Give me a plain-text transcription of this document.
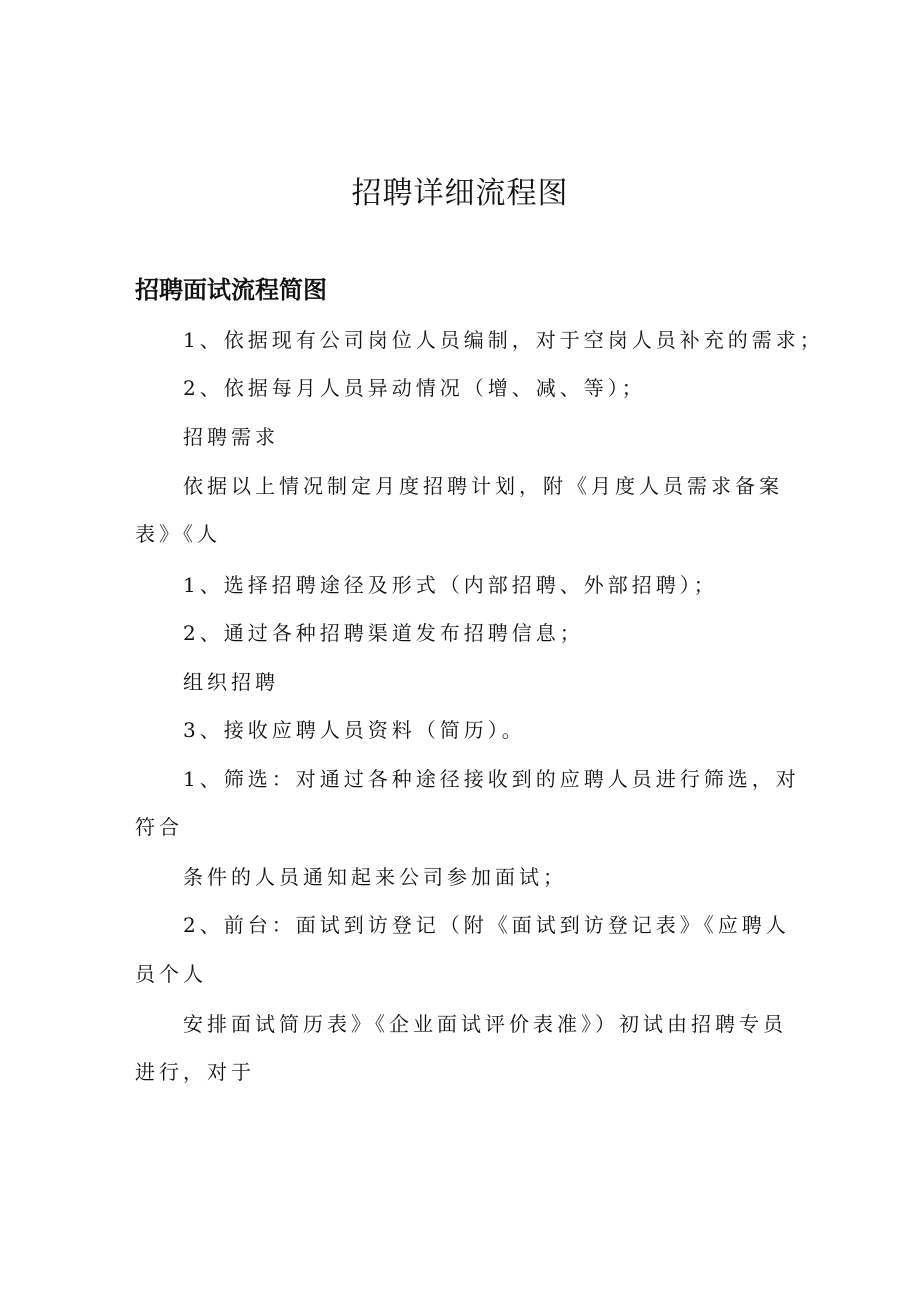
招聘详细流程图
招聘面试流程简图
1、依据现有公司岗位人员编制，对于空岗人员补充的需求；
2、依据每月人员异动情况（增、减、等）；
招聘需求
依据以上情况制定月度招聘计划，附《月度人员需求备案
表》《人
1、选择招聘途径及形式（内部招聘、外部招聘）；
2、通过各种招聘渠道发布招聘信息；
组织招聘
3、接收应聘人员资料（简历）。
1、筛选：对通过各种途径接收到的应聘人员进行筛选，对
符合
条件的人员通知起来公司参加面试；
2、前台：面试到访登记（附《面试到访登记表》《应聘人
员个人
安排面试简历表》《企业面试评价表准》）初试由招聘专员
进行，对于
